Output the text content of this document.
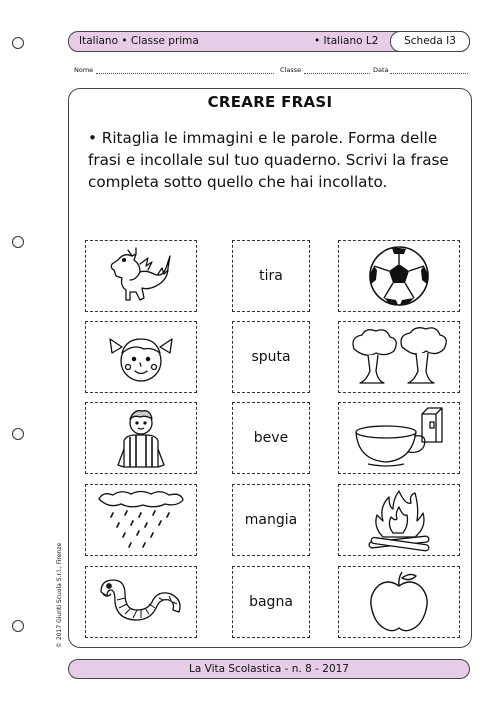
Italiano • Classe prima	• Italiano L2	Scheda I3
Nome	Classe	Data
CREARE FRASI
• Ritaglia le immagini e le parole. Forma delle frasi e incollale sul tuo quaderno. Scrivi la frase completa sotto quello che hai incollato.
tira
sputa
beve
mangia
bagna
© 2017 Giunti Scuola S.r.l., Firenze
La Vita Scolastica - n. 8 - 2017
